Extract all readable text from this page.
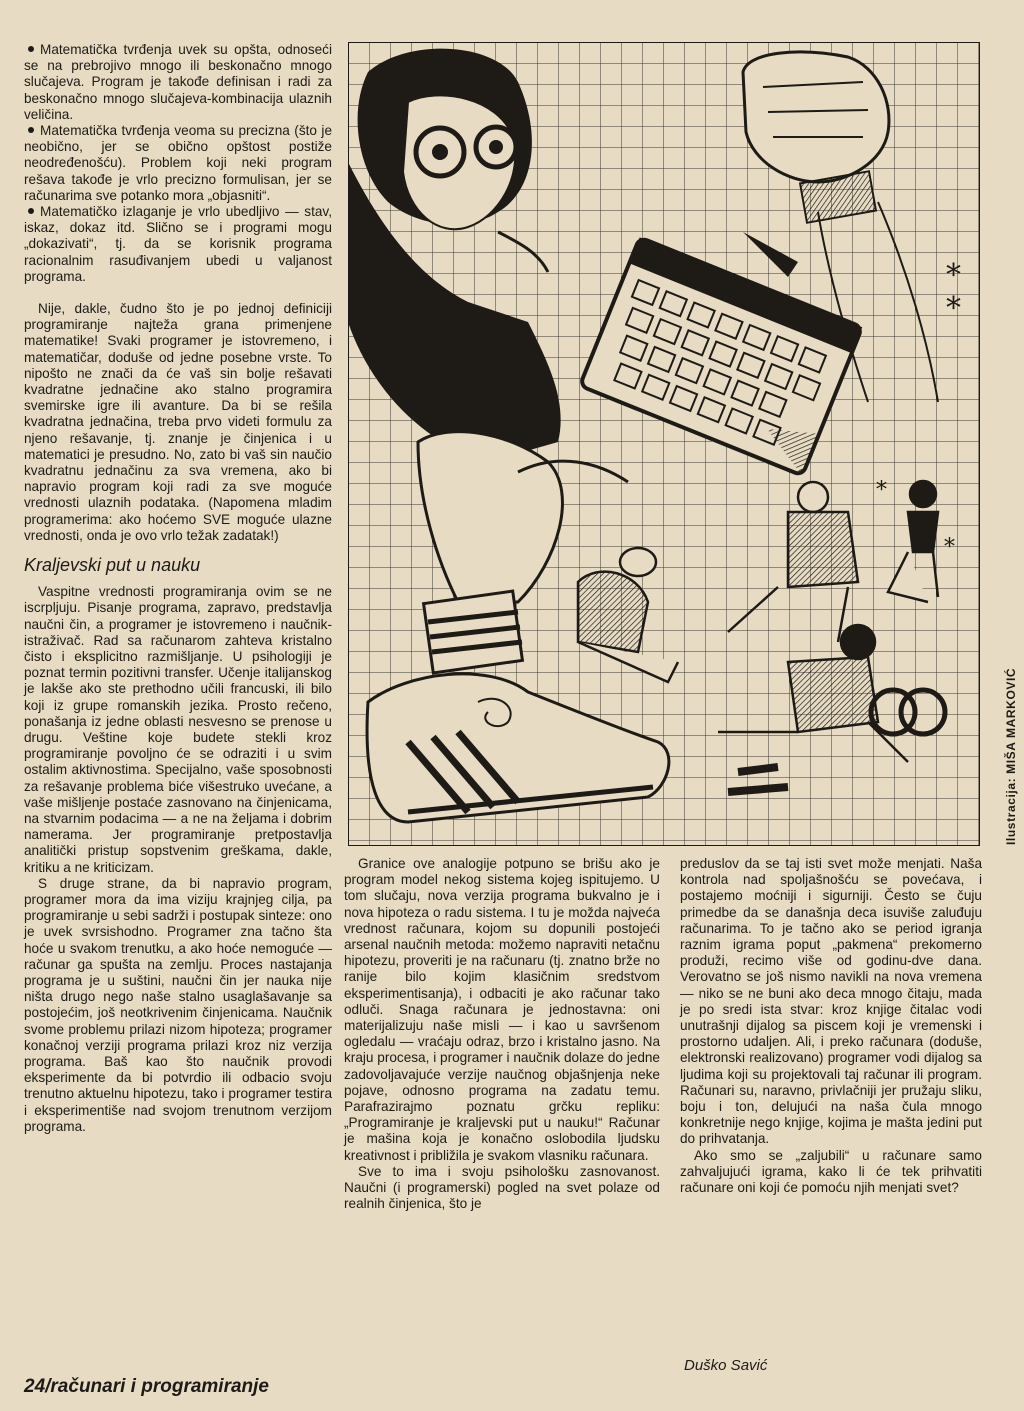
Matematička tvrđenja uvek su opšta, odnoseći se na prebrojivo mnogo ili beskonačno mnogo slučajeva. Program je takođe definisan i radi za beskonačno mnogo slučajeva-kombinacija ulaznih veličina.

Matematička tvrđenja veoma su precizna (što je neobično, jer se obično opštost postiže neodređenošću). Problem koji neki program rešava takođe je vrlo precizno formulisan, jer se računarima sve potanko mora „objasniti“.

Matematičko izlaganje je vrlo ubedljivo — stav, iskaz, dokaz itd. Slično se i programi mogu „dokazivati“, tj. da se korisnik programa racionalnim rasuđivanjem ubedi u valjanost programa.

Nije, dakle, čudno što je po jednoj definiciji programiranje najteža grana primenjene matematike! Svaki programer je istovremeno, i matematičar, doduše od jedne posebne vrste. To nipošto ne znači da će vaš sin bolje rešavati kvadratne jednačine ako stalno programira svemirske igre ili avanture. Da bi se rešila kvadratna jednačina, treba prvo videti formulu za njeno rešavanje, tj. znanje je činjenica i u matematici je presudno. No, zato bi vaš sin naučio kvadratnu jednačinu za sva vremena, ako bi napravio program koji radi za sve moguće vrednosti ulaznih podataka. (Napomena mladim programerima: ako hoćemo SVE moguće ulazne vrednosti, onda je ovo vrlo težak zadatak!)

Kraljevski put u nauku

Vaspitne vrednosti programiranja ovim se ne iscrpljuju. Pisanje programa, zapravo, predstavlja naučni čin, a programer je istovremeno i naučnik-istraživač. Rad sa računarom zahteva kristalno čisto i eksplicitno razmišljanje. U psihologiji je poznat termin pozitivni transfer. Učenje italijanskog je lakše ako ste prethodno učili francuski, ili bilo koji iz grupe romanskih jezika. Prosto rečeno, ponašanja iz jedne oblasti nesvesno se prenose u drugu. Veštine koje budete stekli kroz programiranje povoljno će se odraziti i u svim ostalim aktivnostima. Specijalno, vaše sposobnosti za rešavanje problema biće višestruko uvećane, a vaše mišljenje postaće zasnovano na činjenicama, na stvarnim podacima — a ne na željama i dobrim namerama. Jer programiranje pretpostavlja analitički pristup sopstvenim greškama, dakle, kritiku a ne kriticizam.

S druge strane, da bi napravio program, programer mora da ima viziju krajnjeg cilja, pa programiranje u sebi sadrži i postupak sinteze: ono je uvek svrsishodno. Programer zna tačno šta hoće u svakom trenutku, a ako hoće nemoguće — računar ga spušta na zemlju. Proces nastajanja programa je u suštini, naučni čin jer nauka nije ništa drugo nego naše stalno usaglašavanje sa postojećim, još neotkrivenim činjenicama. Naučnik svome problemu prilazi nizom hipoteza; programer konačnoj verziji programa prilazi kroz niz verzija programa. Baš kao što naučnik provodi eksperimente da bi potvrdio ili odbacio svoju trenutno aktuelnu hipotezu, tako i programer testira i eksperimentiše nad svojom trenutnom verzijom programa.

*
*
*
*
Ilustracija: MIŠA MARKOVIĆ

Granice ove analogije potpuno se brišu ako je program model nekog sistema kojeg ispitujemo. U tom slučaju, nova verzija programa bukvalno je i nova hipoteza o radu sistema. I tu je možda najveća vrednost računara, kojom su dopunili postojeći arsenal naučnih metoda: možemo napraviti netačnu hipotezu, proveriti je na računaru (tj. znatno brže no ranije bilo kojim klasičnim sredstvom eksperimentisanja), i odbaciti je ako računar tako odluči. Snaga računara je jednostavna: oni materijalizuju naše misli — i kao u savršenom ogledalu — vraćaju odraz, brzo i kristalno jasno. Na kraju procesa, i programer i naučnik dolaze do jedne zadovoljavajuće verzije naučnog objašnjenja neke pojave, odnosno programa na zadatu temu. Parafrazirajmo poznatu grčku repliku: „Programiranje je kraljevski put u nauku!“ Računar je mašina koja je konačno oslobodila ljudsku kreativnost i približila je svakom vlasniku računara.

Sve to ima i svoju psihološku zasnovanost. Naučni (i programerski) pogled na svet polaze od realnih činjenica, što je

preduslov da se taj isti svet može menjati. Naša kontrola nad spoljašnošću se povećava, i postajemo moćniji i sigurniji. Često se čuju primedbe da se današnja deca isuviše zaluđuju računarima. To je tačno ako se period igranja raznim igrama poput „pakmena“ prekomerno produži, recimo više od godinu-dve dana. Verovatno se još nismo navikli na nova vremena — niko se ne buni ako deca mnogo čitaju, mada je po sredi ista stvar: kroz knjige čitalac vodi unutrašnji dijalog sa piscem koji je vremenski i prostorno udaljen. Ali, i preko računara (doduše, elektronski realizovano) programer vodi dijalog sa ljudima koji su projektovali taj računar ili program. Računari su, naravno, privlačniji jer pružaju sliku, boju i ton, delujući na naša čula mnogo konkretnije nego knjige, kojima je mašta jedini put do prihvatanja.

Ako smo se „zaljubili“ u računare samo zahvaljujući igrama, kako li će tek prihvatiti računare oni koji će pomoću njih menjati svet?

Duško Savić
24/računari i programiranje
